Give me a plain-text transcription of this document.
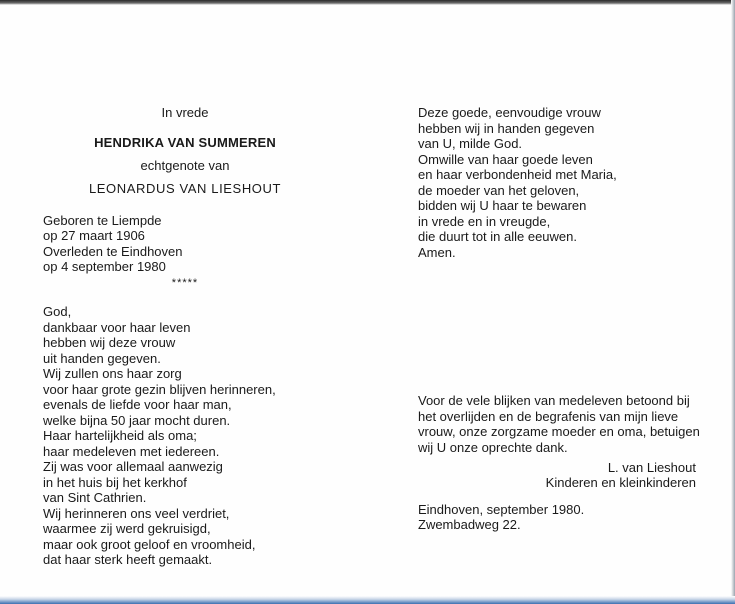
In vrede
HENDRIKA VAN SUMMEREN
echtgenote van
LEONARDUS VAN LIESHOUT
Geboren te Liempde
op 27 maart 1906
Overleden te Eindhoven
op 4 september 1980
*****
God,
dankbaar voor haar leven
hebben wij deze vrouw
uit handen gegeven.
Wij zullen ons haar zorg
voor haar grote gezin blijven herinneren,
evenals de liefde voor haar man,
welke bijna 50 jaar mocht duren.
Haar hartelijkheid als oma;
haar medeleven met iedereen.
Zij was voor allemaal aanwezig
in het huis bij het kerkhof
van Sint Cathrien.
Wij herinneren ons veel verdriet,
waarmee zij werd gekruisigd,
maar ook groot geloof en vroomheid,
dat haar sterk heeft gemaakt.
Deze goede, eenvoudige vrouw
hebben wij in handen gegeven
van U, milde God.
Omwille van haar goede leven
en haar verbondenheid met Maria,
de moeder van het geloven,
bidden wij U haar te bewaren
in vrede en in vreugde,
die duurt tot in alle eeuwen.
Amen.
Voor de vele blijken van medeleven betoond bij
het overlijden en de begrafenis van mijn lieve
vrouw, onze zorgzame moeder en oma, betuigen
wij U onze oprechte dank.
L. van Lieshout
Kinderen en kleinkinderen
Eindhoven, september 1980.
Zwembadweg 22.
